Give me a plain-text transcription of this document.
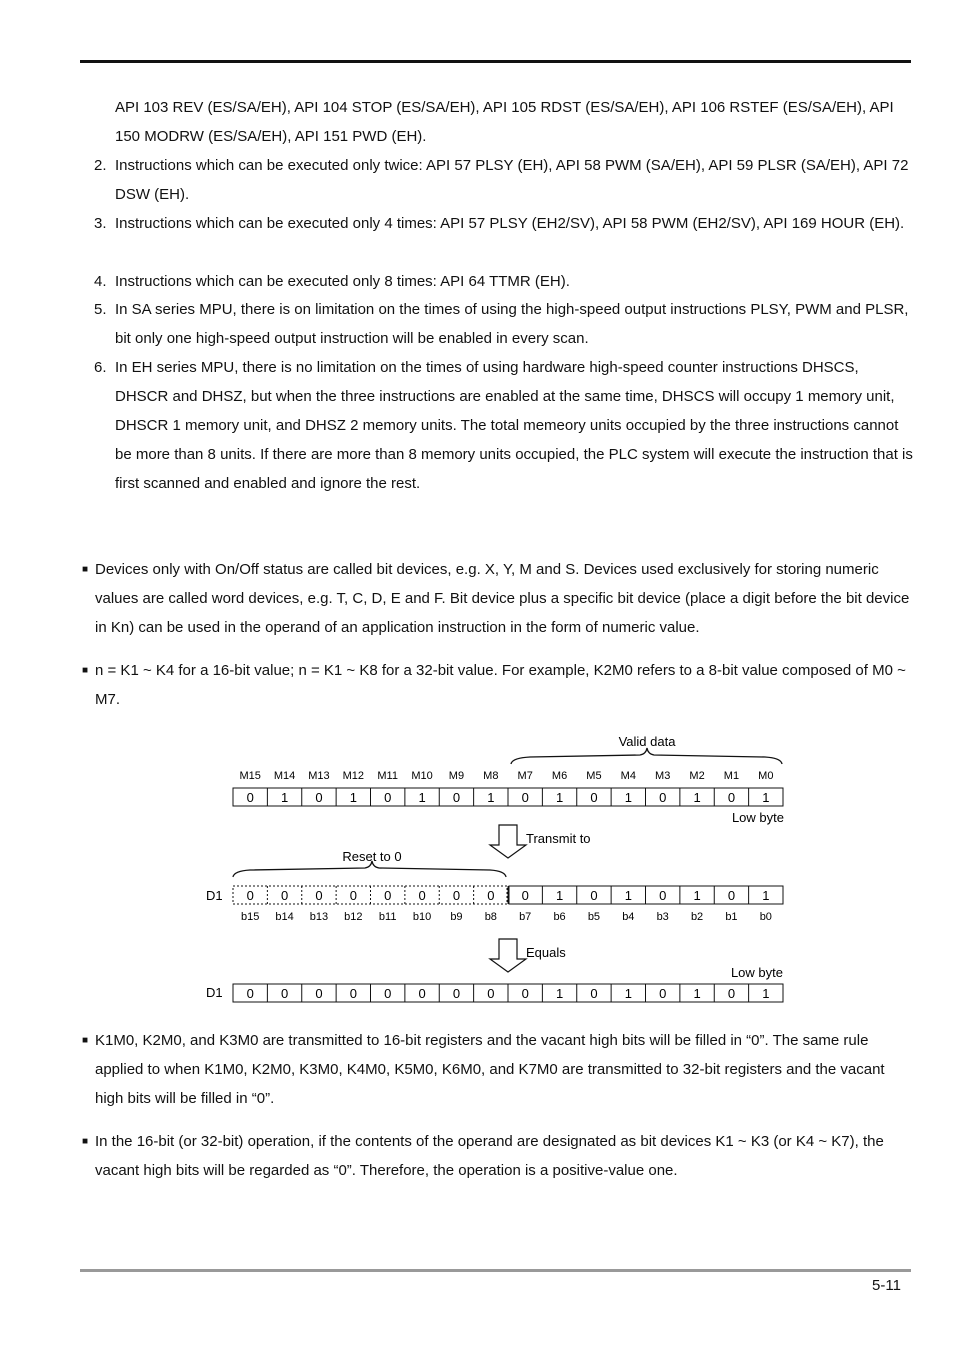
API 103 REV (ES/SA/EH), API 104 STOP (ES/SA/EH), API 105 RDST (ES/SA/EH), API 106 RSTEF (ES/SA/EH), API 150 MODRW (ES/SA/EH), API 151 PWD (EH).

2. Instructions which can be executed only twice: API 57 PLSY (EH), API 58 PWM (SA/EH), API 59 PLSR (SA/EH), API 72 DSW (EH).
3. Instructions which can be executed only 4 times: API 57 PLSY (EH2/SV), API 58 PWM (EH2/SV), API 169 HOUR (EH).
4. Instructions which can be executed only 8 times: API 64 TTMR (EH).
5. In SA series MPU, there is on limitation on the times of using the high-speed output instructions PLSY, PWM and PLSR, bit only one high-speed output instruction will be enabled in every scan.
6. In EH series MPU, there is no limitation on the times of using hardware high-speed counter instructions DHSCS, DHSCR and DHSZ, but when the three instructions are enabled at the same time, DHSCS will occupy 1 memory unit, DHSCR 1 memory unit, and DHSZ 2 memory units. The total memeory units occupied by the three instructions cannot be more than 8 units. If there are more than 8 memory units occupied, the PLC system will execute the instruction that is first scanned and enabled and ignore the rest.
■ Devices only with On/Off status are called bit devices, e.g. X, Y, M and S. Devices used exclusively for storing numeric values are called word devices, e.g. T, C, D, E and F. Bit device plus a specific bit device (place a digit before the bit device in Kn) can be used in the operand of an application instruction in the form of numeric value.
■ n = K1 ~ K4 for a 16-bit value; n = K1 ~ K8 for a 32-bit value. For example, K2M0 refers to a 8-bit value composed of M0 ~ M7.
Valid data
M15 M14 M13 M12 M11 M10 M9 M8 M7 M6 M5 M4 M3 M2 M1 M0
0 1 0 1 0 1 0 1 0 1 0 1 0 1 0 1
Low byte
Transmit to
Reset to 0
D1 0 0 0 0 0 0 0 0 0 1 0 1 0 1 0 1
b15 b14 b13 b12 b11 b10 b9 b8 b7 b6 b5 b4 b3 b2 b1 b0
Equals
Low byte
D1 0 0 0 0 0 0 0 0 0 1 0 1 0 1 0 1
■ K1M0, K2M0, and K3M0 are transmitted to 16-bit registers and the vacant high bits will be filled in “0”. The same rule applied to when K1M0, K2M0, K3M0, K4M0, K5M0, K6M0, and K7M0 are transmitted to 32-bit registers and the vacant high bits will be filled in “0”.
■ In the 16-bit (or 32-bit) operation, if the contents of the operand are designated as bit devices K1 ~ K3 (or K4 ~ K7), the vacant high bits will be regarded as “0”. Therefore, the operation is a positive-value one.
5-11
